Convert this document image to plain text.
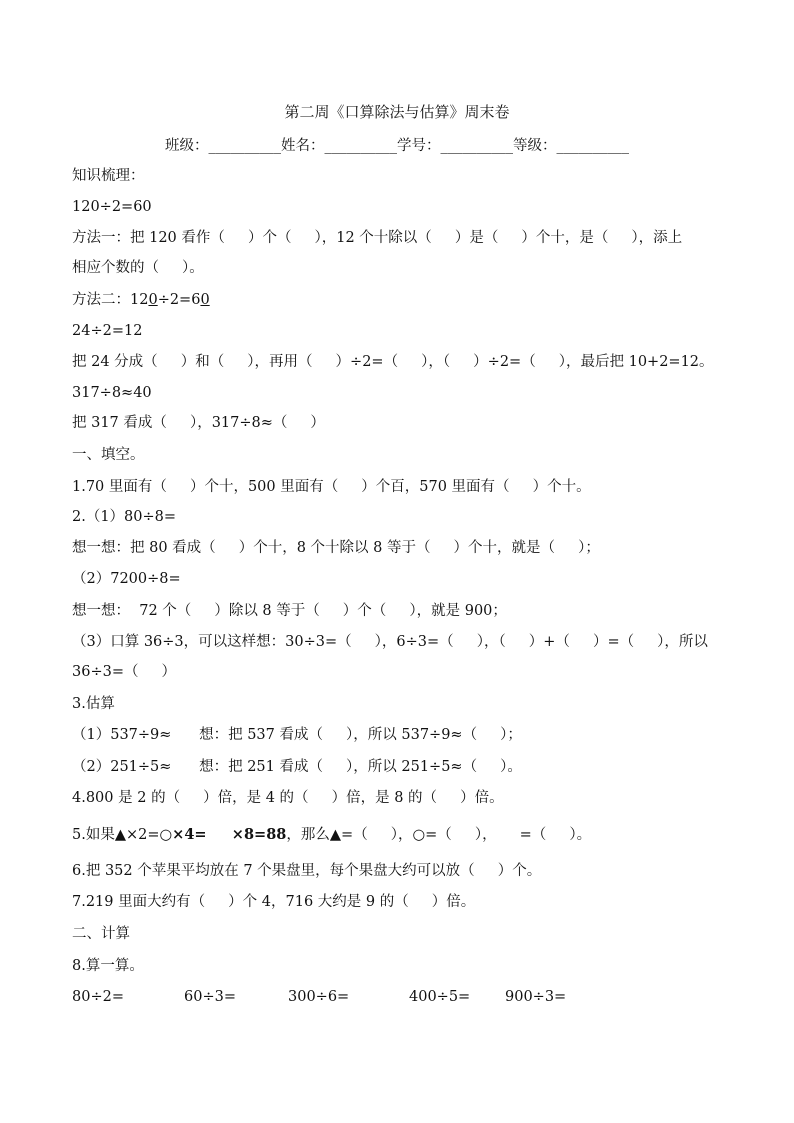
第二周《口算除法与估算》周末卷
班级：__________姓名：__________学号：__________等级：__________
知识梳理：
120÷2=60
方法一：把 120 看作（     ）个（     ），12 个十除以（     ）是（     ）个十，是（     ），添上
相应个数的（     ）。
方法二：120÷2=60
24÷2=12
把 24 分成（     ）和（     ），再用（     ）÷2=（     ），（     ）÷2=（     ），最后把 10+2=12。
317÷8≈40
把 317 看成（     ），317÷8≈（     ）
一、填空。
1.70 里面有（     ）个十，500 里面有（     ）个百，570 里面有（     ）个十。
2.（1）80÷8=
想一想：把 80 看成（     ）个十，8 个十除以 8 等于（     ）个十，就是（     ）；
（2）7200÷8=
想一想：  72 个（     ）除以 8 等于（     ）个（     ），就是 900；
（3）口算 36÷3，可以这样想：30÷3=（     ），6÷3=（     ），（     ）+（     ）=（     ），所以
36÷3=（     ）
3.估算
（1）537÷9≈      想：把 537 看成（     ），所以 537÷9≈（     ）；
（2）251÷5≈      想：把 251 看成（     ），所以 251÷5≈（     ）。
4.800 是 2 的（     ）倍，是 4 的（     ）倍，是 8 的（     ）倍。
5.如果▲×2=○×4=     ×8=88，那么▲=（     ），○=（     ），     =（     ）。
6.把 352 个苹果平均放在 7 个果盘里，每个果盘大约可以放（     ）个。
7.219 里面大约有（     ）个 4，716 大约是 9 的（     ）倍。
二、计算
8.算一算。
80÷2=	60÷3=	300÷6=	400÷5= 900÷3=
